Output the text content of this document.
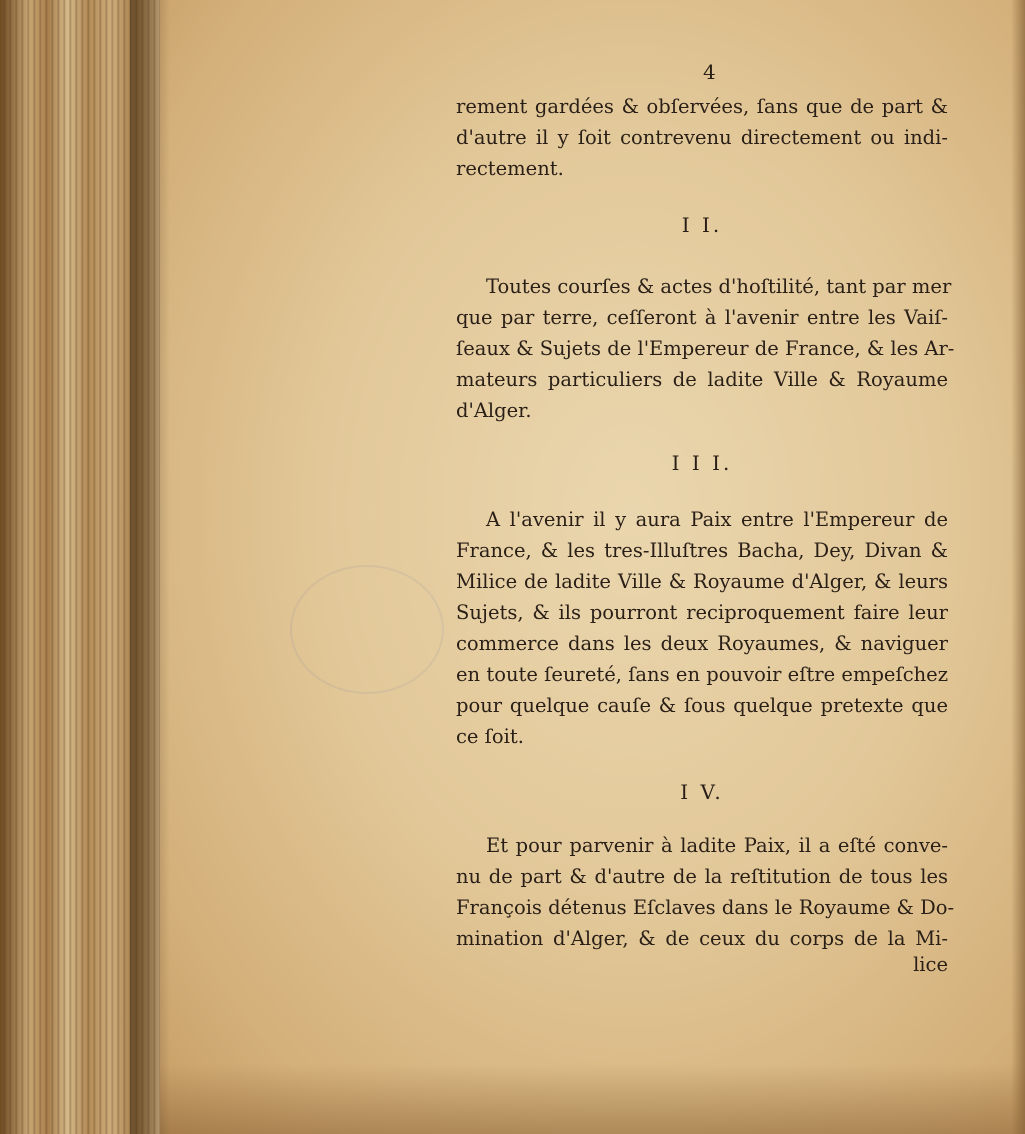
4
rement gardées & obſervées, ſans que de part &
d'autre il y ſoit contrevenu directement ou indi-
rectement.
I I.
Toutes courſes & actes d'hoſtilité, tant par mer
que par terre, ceſſeront à l'avenir entre les Vaiſ-
ſeaux & Sujets de l'Empereur de France, & les Ar-
mateurs particuliers de ladite Ville & Royaume
d'Alger.
I I I.
A l'avenir il y aura Paix entre l'Empereur de
France, & les tres-Illuſtres Bacha, Dey, Divan &
Milice de ladite Ville & Royaume d'Alger, & leurs
Sujets, & ils pourront reciproquement faire leur
commerce dans les deux Royaumes, & naviguer
en toute ſeureté, ſans en pouvoir eſtre empeſchez
pour quelque cauſe & ſous quelque pretexte que
ce ſoit.
I V.
Et pour parvenir à ladite Paix, il a eſté conve-
nu de part & d'autre de la reſtitution de tous les
François détenus Eſclaves dans le Royaume & Do-
mination d'Alger, & de ceux du corps de la Mi-
lice
